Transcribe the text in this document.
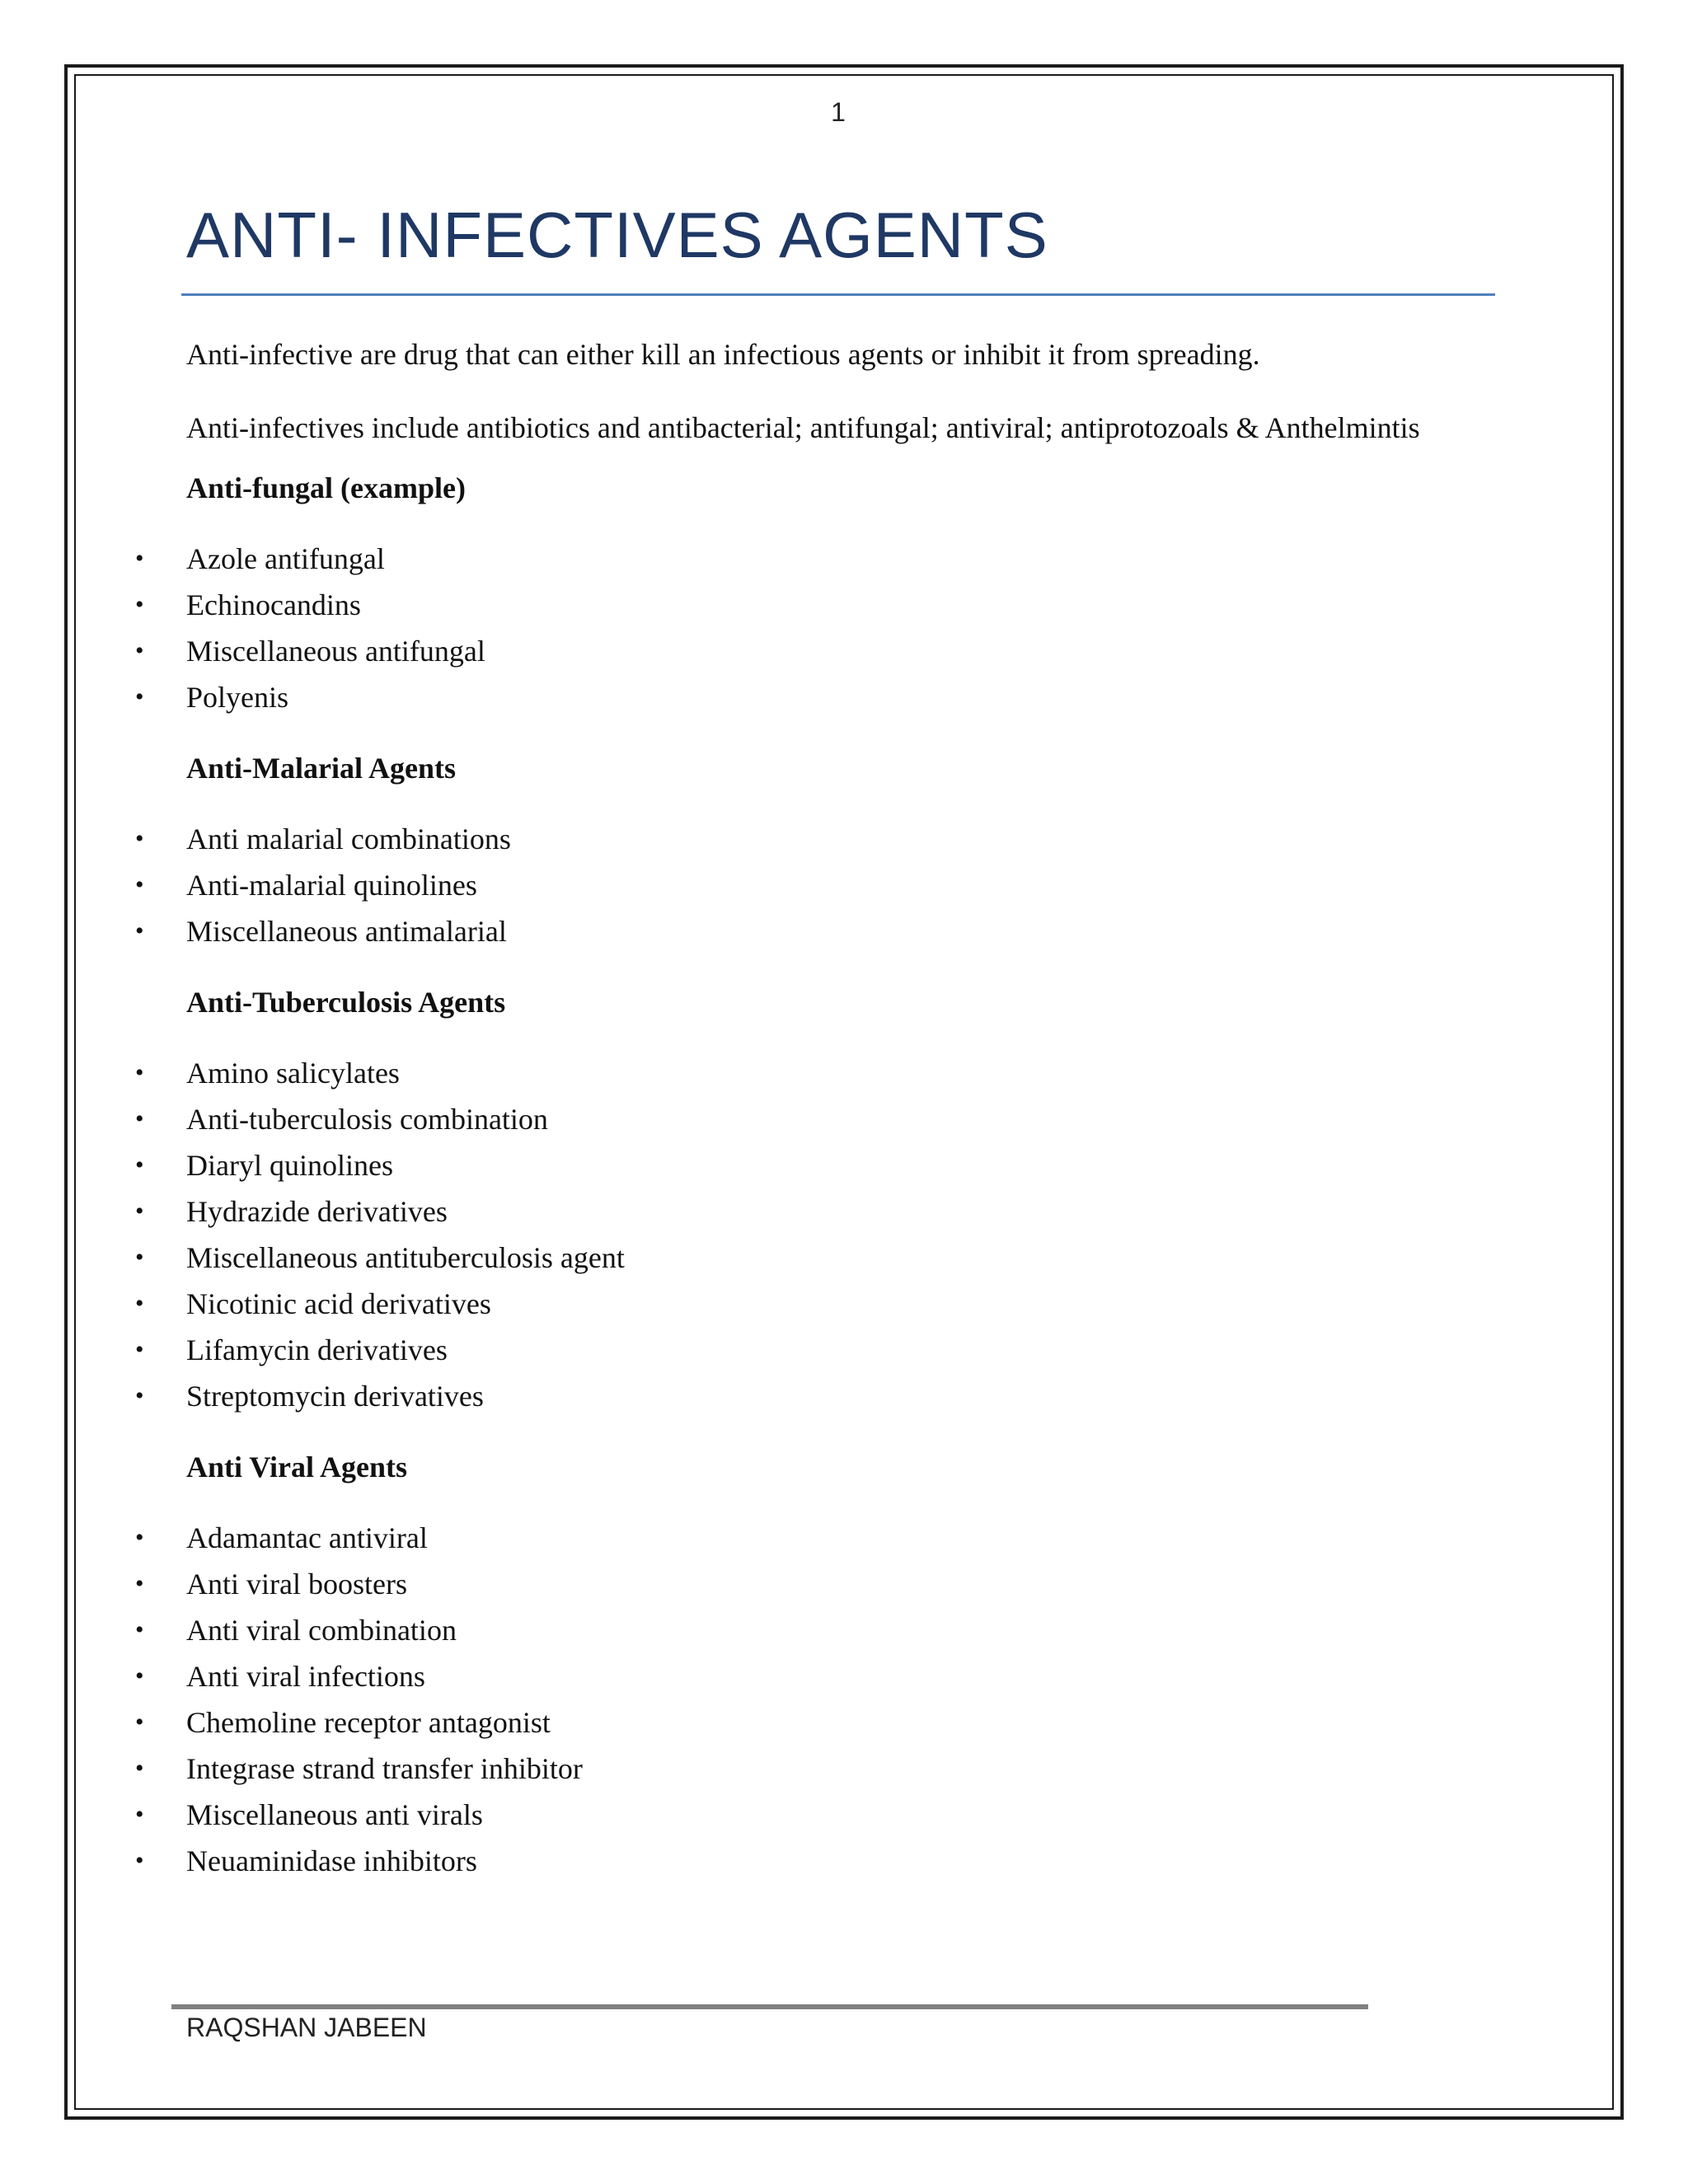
1
ANTI- INFECTIVES AGENTS

Anti-infective are drug that can either kill an infectious agents or inhibit it from spreading.

Anti-infectives include antibiotics and antibacterial; antifungal; antiviral; antiprotozoals & Anthelmintis

Anti-fungal (example)
• Azole antifungal
• Echinocandins
• Miscellaneous antifungal
• Polyenis
Anti-Malarial Agents
• Anti malarial combinations
• Anti-malarial quinolines
• Miscellaneous antimalarial
Anti-Tuberculosis Agents
• Amino salicylates
• Anti-tuberculosis combination
• Diaryl quinolines
• Hydrazide derivatives
• Miscellaneous antituberculosis agent
• Nicotinic acid derivatives
• Lifamycin derivatives
• Streptomycin derivatives
Anti Viral Agents
• Adamantac antiviral
• Anti viral boosters
• Anti viral combination
• Anti viral infections
• Chemoline receptor antagonist
• Integrase strand transfer inhibitor
• Miscellaneous anti virals
• Neuaminidase inhibitors
RAQSHAN JABEEN
